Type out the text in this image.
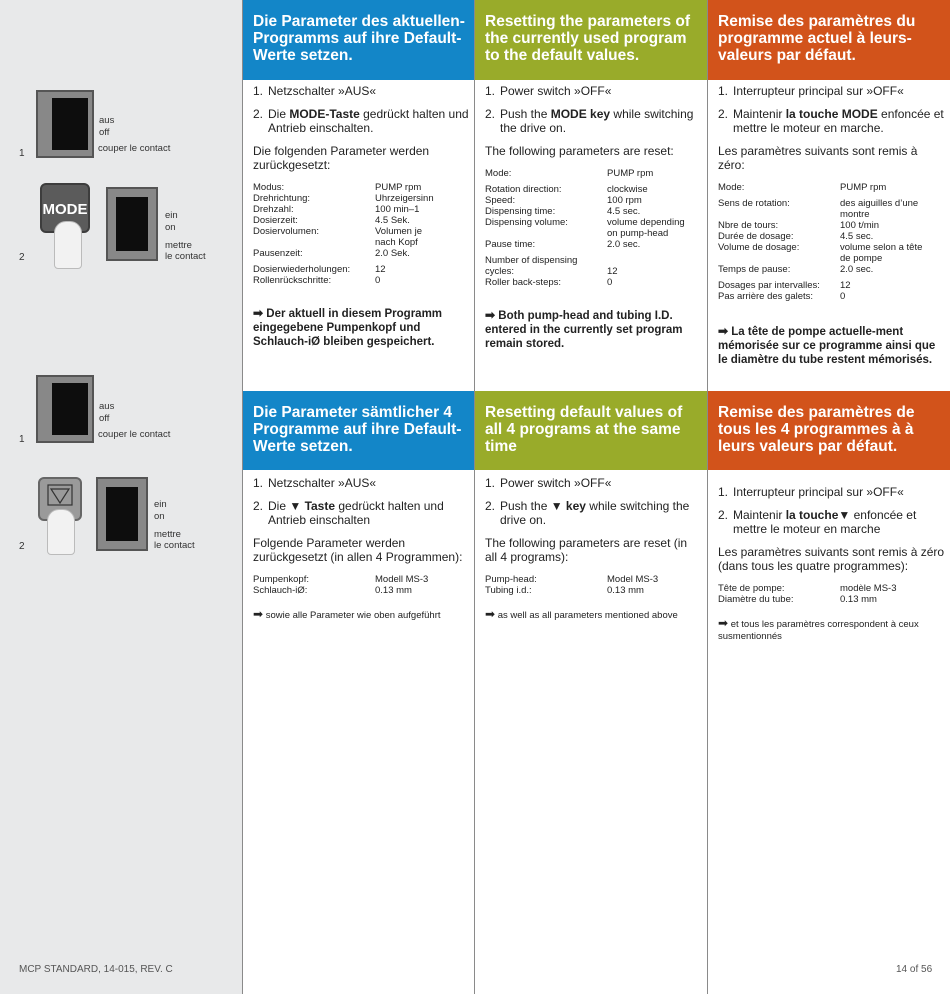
aus
off
couper le contact
1
MODE	ein
on
mettre
le contact
2
aus
off
couper le contact
1
ein
on
mettre
le contact
2
MCP STANDARD, 14-015, REV. C
Die Parameter des aktuellen-Programms auf ihre Default-Werte setzen.
1. Netzschalter »AUS«
2. Die MODE-Taste gedrückt halten und Antrieb einschalten.
Die folgenden Parameter werden zurückgesetzt:
Modus:	PUMP rpm
Drehrichtung:	Uhrzeigersinn
Drehzahl:	100 min–1
Dosierzeit:	4.5 Sek.
Dosiervolumen:	Volumen je nach Kopf
Pausenzeit:	2.0 Sek.
Dosierwiederholungen:	12
Rollenrückschritte:	0
➡ Der aktuell in diesem Programm eingegebene Pumpenkopf und Schlauch-iØ bleiben gespeichert.
Die Parameter sämtlicher 4 Programme auf ihre Default-Werte setzen.
1. Netzschalter »AUS«
2. Die ▼ Taste gedrückt halten und Antrieb einschalten
Folgende Parameter werden zurückgesetzt (in allen 4 Programmen):
Pumpenkopf:	Modell MS-3
Schlauch-iØ:	0.13 mm
➡ sowie alle Parameter wie oben aufgeführt
Resetting the parameters of the currently used program to the default values.
1. Power switch »OFF«
2. Push the MODE key while switching the drive on.
The following parameters are reset:
Mode:	PUMP rpm
Rotation direction:	clockwise
Speed:	100 rpm
Dispensing time:	4.5 sec.
Dispensing volume:	volume depending on pump-head
Pause time:	2.0 sec.
Number of dispensing cycles:	12
Roller back-steps:	0
➡ Both pump-head and tubing I.D. entered in the currently set program remain stored.
Resetting default values of all 4 programs at the same time
1. Power switch »OFF«
2. Push the ▼ key while switching the drive on.
The following parameters are reset (in all 4 programs):
Pump-head:	Model MS-3
Tubing i.d.:	0.13 mm
➡ as well as all parameters mentioned above
Remise des paramètres du programme actuel à leurs-valeurs par défaut.
1. Interrupteur principal sur »OFF«
2. Maintenir la touche MODE enfoncée et mettre le moteur en marche.
Les paramètres suivants sont remis à zéro:
Mode:	PUMP rpm
Sens de rotation:	des aiguilles d’une montre
Nbre de tours:	100 t/min
Durée de dosage:	4.5 sec.
Volume de dosage:	volume selon a tête de pompe
Temps de pause:	2.0 sec.
Dosages par intervalles:	12
Pas arrière des galets:	0
➡ La tête de pompe actuelle-ment mémorisée sur ce programme ainsi que le diamètre du tube restent mémorisés.
Remise des paramètres de tous les 4 programmes à à leurs valeurs par défaut.
1. Interrupteur principal sur »OFF«
2. Maintenir la touche▼ enfoncée et mettre le moteur en marche
Les paramètres suivants sont remis à zéro (dans tous les quatre programmes):
Tête de pompe:	modèle MS-3
Diamètre du tube:	0.13 mm
➡ et tous les paramètres correspondent à ceux susmentionnés
14 of 56
